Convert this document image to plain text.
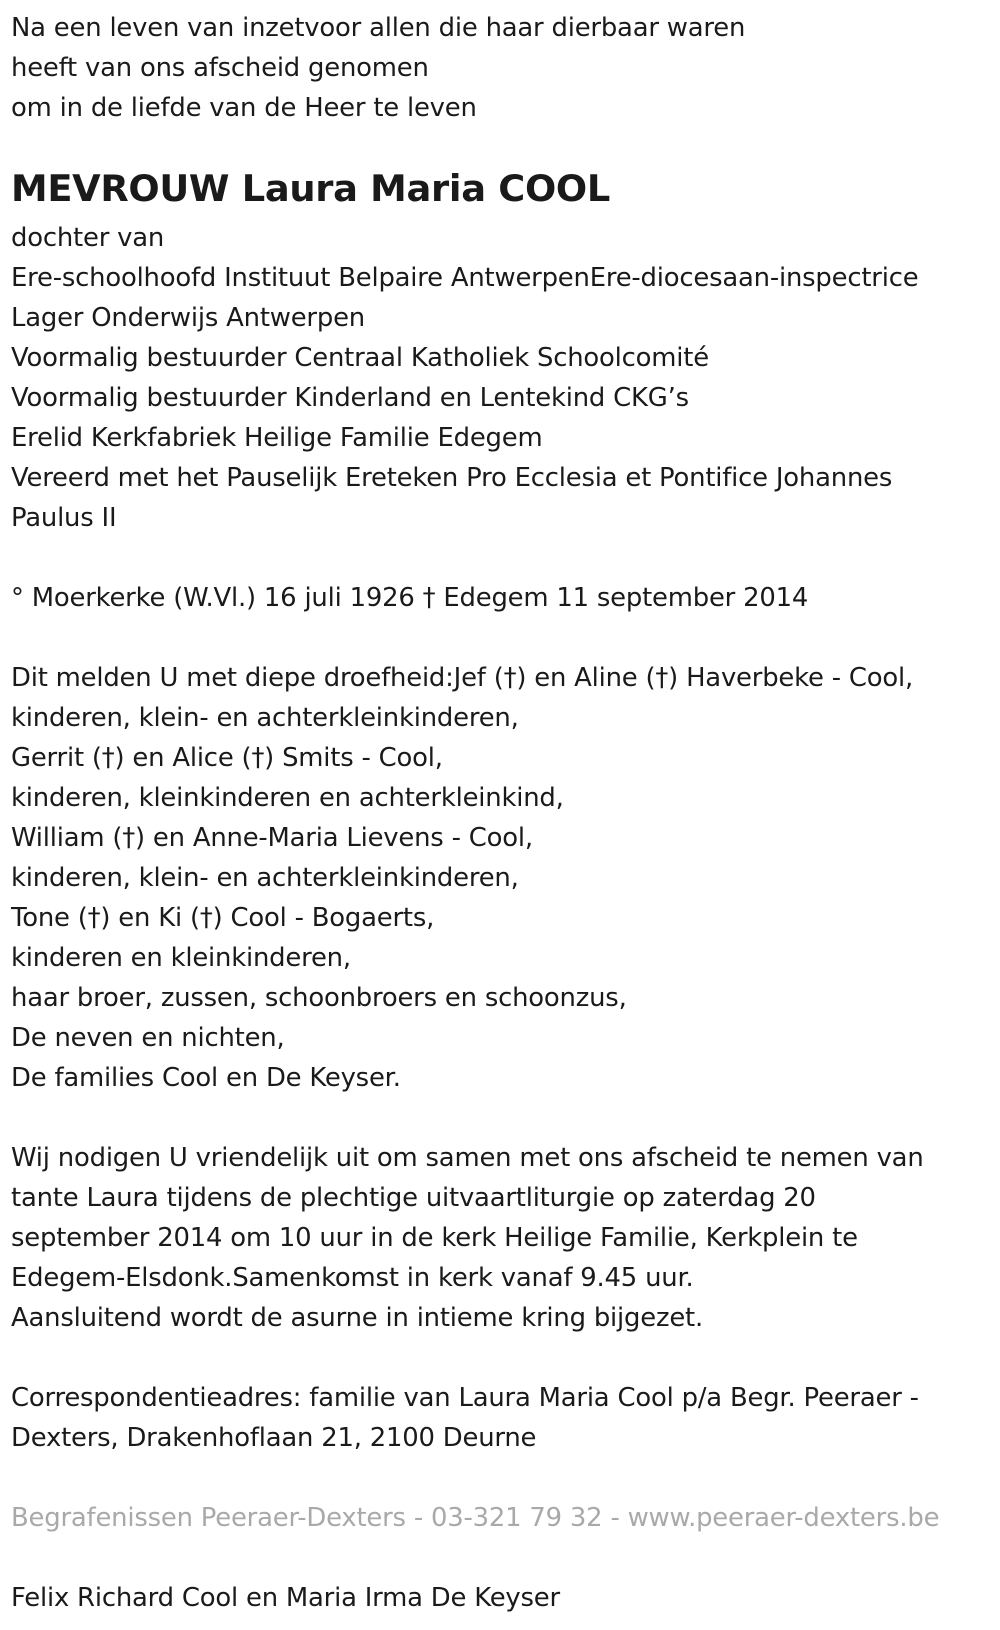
Na een leven van inzetvoor allen die haar dierbaar waren
heeft van ons afscheid genomen
om in de liefde van de Heer te leven
MEVROUW Laura Maria COOL
dochter van
Ere-schoolhoofd Instituut Belpaire AntwerpenEre-diocesaan-inspectrice
Lager Onderwijs Antwerpen
Voormalig bestuurder Centraal Katholiek Schoolcomité
Voormalig bestuurder Kinderland en Lentekind CKG’s
Erelid Kerkfabriek Heilige Familie Edegem
Vereerd met het Pauselijk Ereteken Pro Ecclesia et Pontifice Johannes
Paulus II
° Moerkerke (W.Vl.) 16 juli 1926 † Edegem 11 september 2014
Dit melden U met diepe droefheid:Jef (†) en Aline (†) Haverbeke - Cool,
kinderen, klein- en achterkleinkinderen,
Gerrit (†) en Alice (†) Smits - Cool,
kinderen, kleinkinderen en achterkleinkind,
William (†) en Anne-Maria Lievens - Cool,
kinderen, klein- en achterkleinkinderen,
Tone (†) en Ki (†) Cool - Bogaerts,
kinderen en kleinkinderen,
haar broer, zussen, schoonbroers en schoonzus,
De neven en nichten,
De families Cool en De Keyser.
Wij nodigen U vriendelijk uit om samen met ons afscheid te nemen van
tante Laura tijdens de plechtige uitvaartliturgie op zaterdag 20
september 2014 om 10 uur in de kerk Heilige Familie, Kerkplein te
Edegem-Elsdonk.Samenkomst in kerk vanaf 9.45 uur.
Aansluitend wordt de asurne in intieme kring bijgezet.
Correspondentieadres: familie van Laura Maria Cool p/a Begr. Peeraer -
Dexters, Drakenhoflaan 21, 2100 Deurne
Begrafenissen Peeraer-Dexters - 03-321 79 32 - www.peeraer-dexters.be
Felix Richard Cool en Maria Irma De Keyser
